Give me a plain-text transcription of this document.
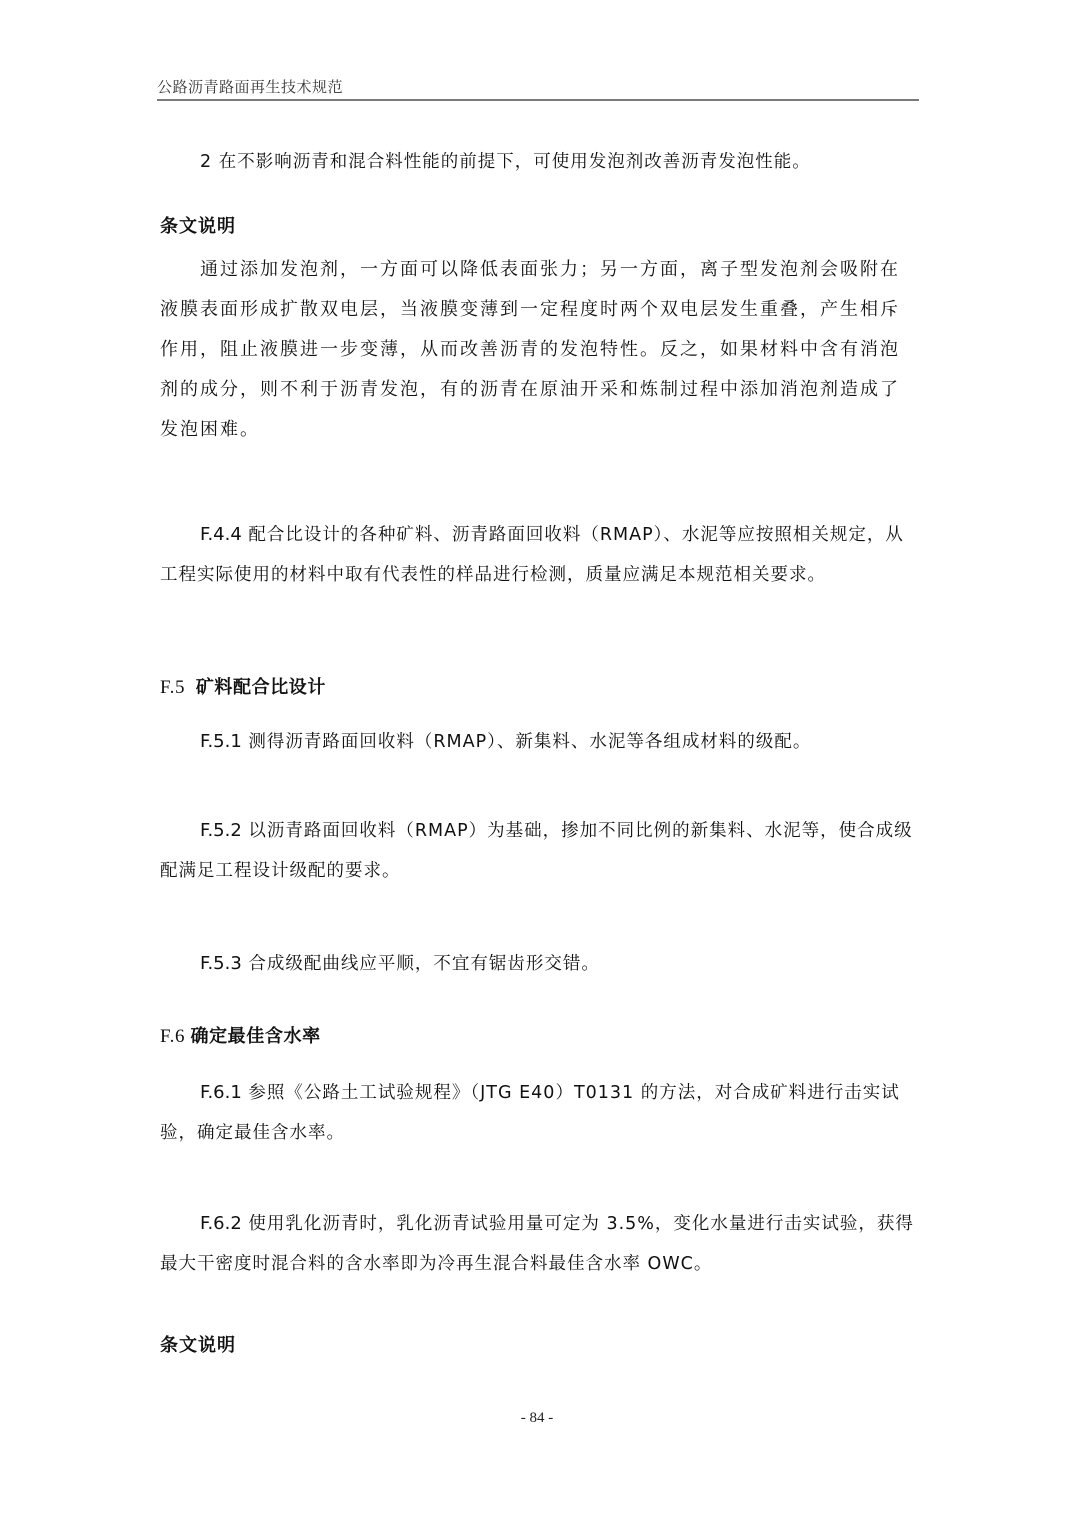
公路沥青路面再生技术规范
2 在不影响沥青和混合料性能的前提下，可使用发泡剂改善沥青发泡性能。
条文说明
通过添加发泡剂，一方面可以降低表面张力；另一方面，离子型发泡剂会吸附在液膜表面形成扩散双电层，当液膜变薄到一定程度时两个双电层发生重叠，产生相斥作用，阻止液膜进一步变薄，从而改善沥青的发泡特性。反之，如果材料中含有消泡剂的成分，则不利于沥青发泡，有的沥青在原油开采和炼制过程中添加消泡剂造成了发泡困难。
F.4.4 配合比设计的各种矿料、沥青路面回收料（RMAP）、水泥等应按照相关规定，从工程实际使用的材料中取有代表性的样品进行检测，质量应满足本规范相关要求。
F.5 矿料配合比设计
F.5.1 测得沥青路面回收料（RMAP）、新集料、水泥等各组成材料的级配。
F.5.2 以沥青路面回收料（RMAP）为基础，掺加不同比例的新集料、水泥等，使合成级配满足工程设计级配的要求。
F.5.3 合成级配曲线应平顺，不宜有锯齿形交错。
F.6 确定最佳含水率
F.6.1 参照《公路土工试验规程》（JTG E40）T0131 的方法，对合成矿料进行击实试验，确定最佳含水率。
F.6.2 使用乳化沥青时，乳化沥青试验用量可定为 3.5%，变化水量进行击实试验，获得最大干密度时混合料的含水率即为冷再生混合料最佳含水率 OWC。
条文说明
- 84 -
